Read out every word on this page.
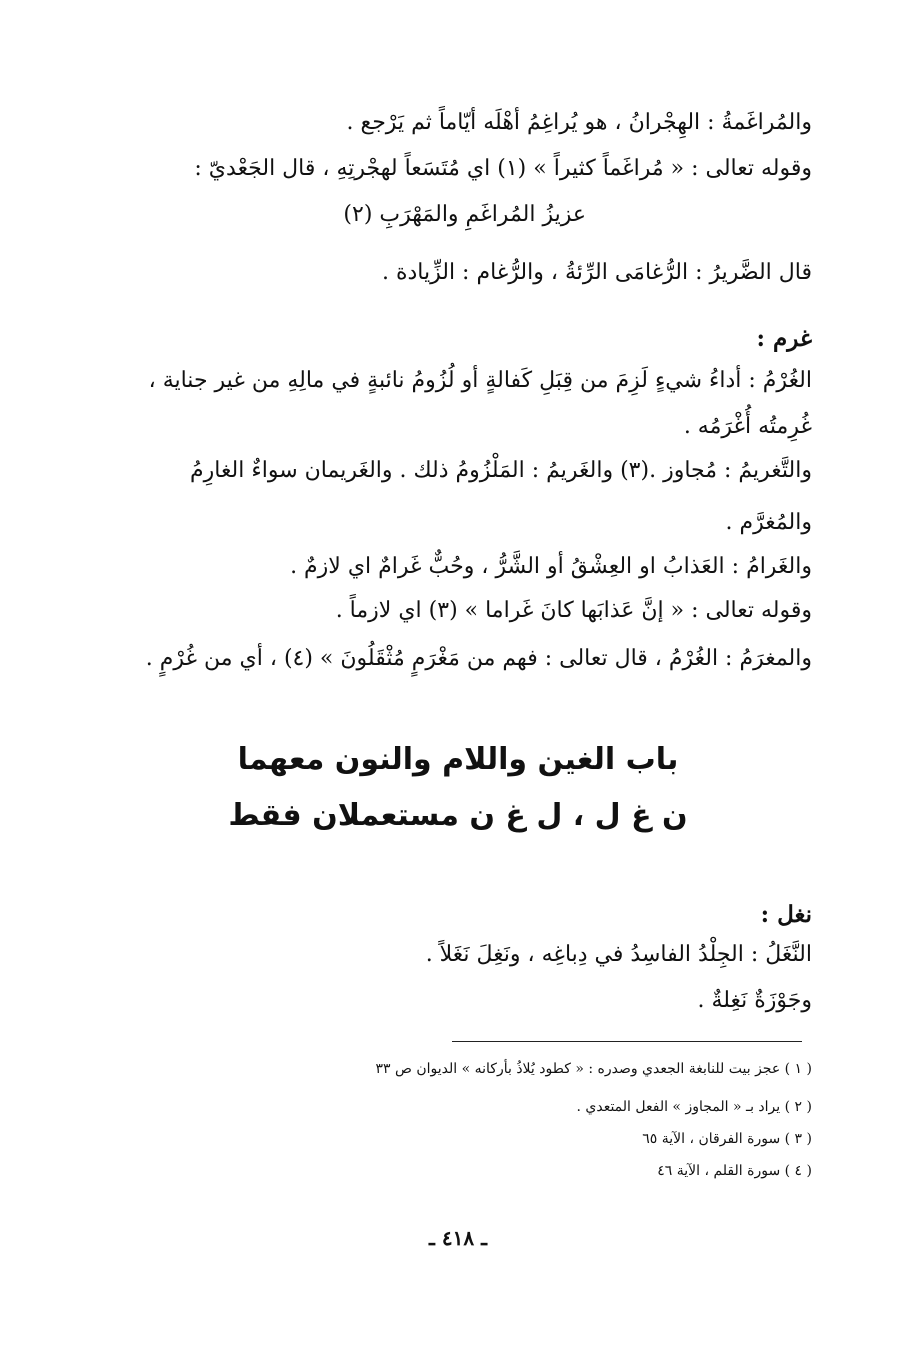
والمُراغَمةُ : الهِجْرانُ ، هو يُراغِمُ أهْلَه أيّاماً ثم يَرْجع .
وقوله تعالى : « مُراغَماً كثيراً » (١) اي مُتَسَعاً لهجْرتِهِ ، قال الجَعْديّ :
عزيزُ المُراغَمِ والمَهْرَبِ (٢)
قال الضَّريرُ : الرُّغامَى الرِّئةُ ، والرُّغام : الزِّيادة .
غرم :
الغُرْمُ : أداءُ شيءٍ لَزِمَ من قِبَلِ كَفالةٍ أو لُزُومُ نائبةٍ في مالِهِ من غير جناية ،
غُرِمتُه أُغْرَمُه .
والتَّغريمُ : مُجاوز .(٣) والغَريمُ : المَلْزُومُ ذلك . والغَريمان سواءٌ الغارِمُ
والمُغرَّم .
والغَرامُ : العَذابُ او العِشْقُ أو الشَّرُّ ، وحُبٌّ غَرامٌ اي لازمٌ .
وقوله تعالى : « إنَّ عَذابَها كانَ غَراما » (٣) اي لازماً .
والمغرَمُ : الغُرْمُ ، قال تعالى : فهم من مَغْرَمٍ مُثْقَلُونَ » (٤) ، أي من غُرْمٍ .
باب الغين واللام والنون معهما
ن غ ل ، ل غ ن مستعملان فقط
نغل :
النَّغَلُ : الجِلْدُ الفاسِدُ في دِباغِه ، ونَغِلَ نَغَلاً .
وجَوْزَةٌ نَغِلةٌ .
( ١ ) عجز بيت للنابغة الجعدي وصدره : « كطود يُلاذُ بأركانه » الديوان ص ٣٣
( ٢ ) يراد بـ « المجاوز » الفعل المتعدي .
( ٣ ) سورة الفرقان ، الآية ٦٥
( ٤ ) سورة القلم ، الآية ٤٦
ـ ٤١٨ ـ
